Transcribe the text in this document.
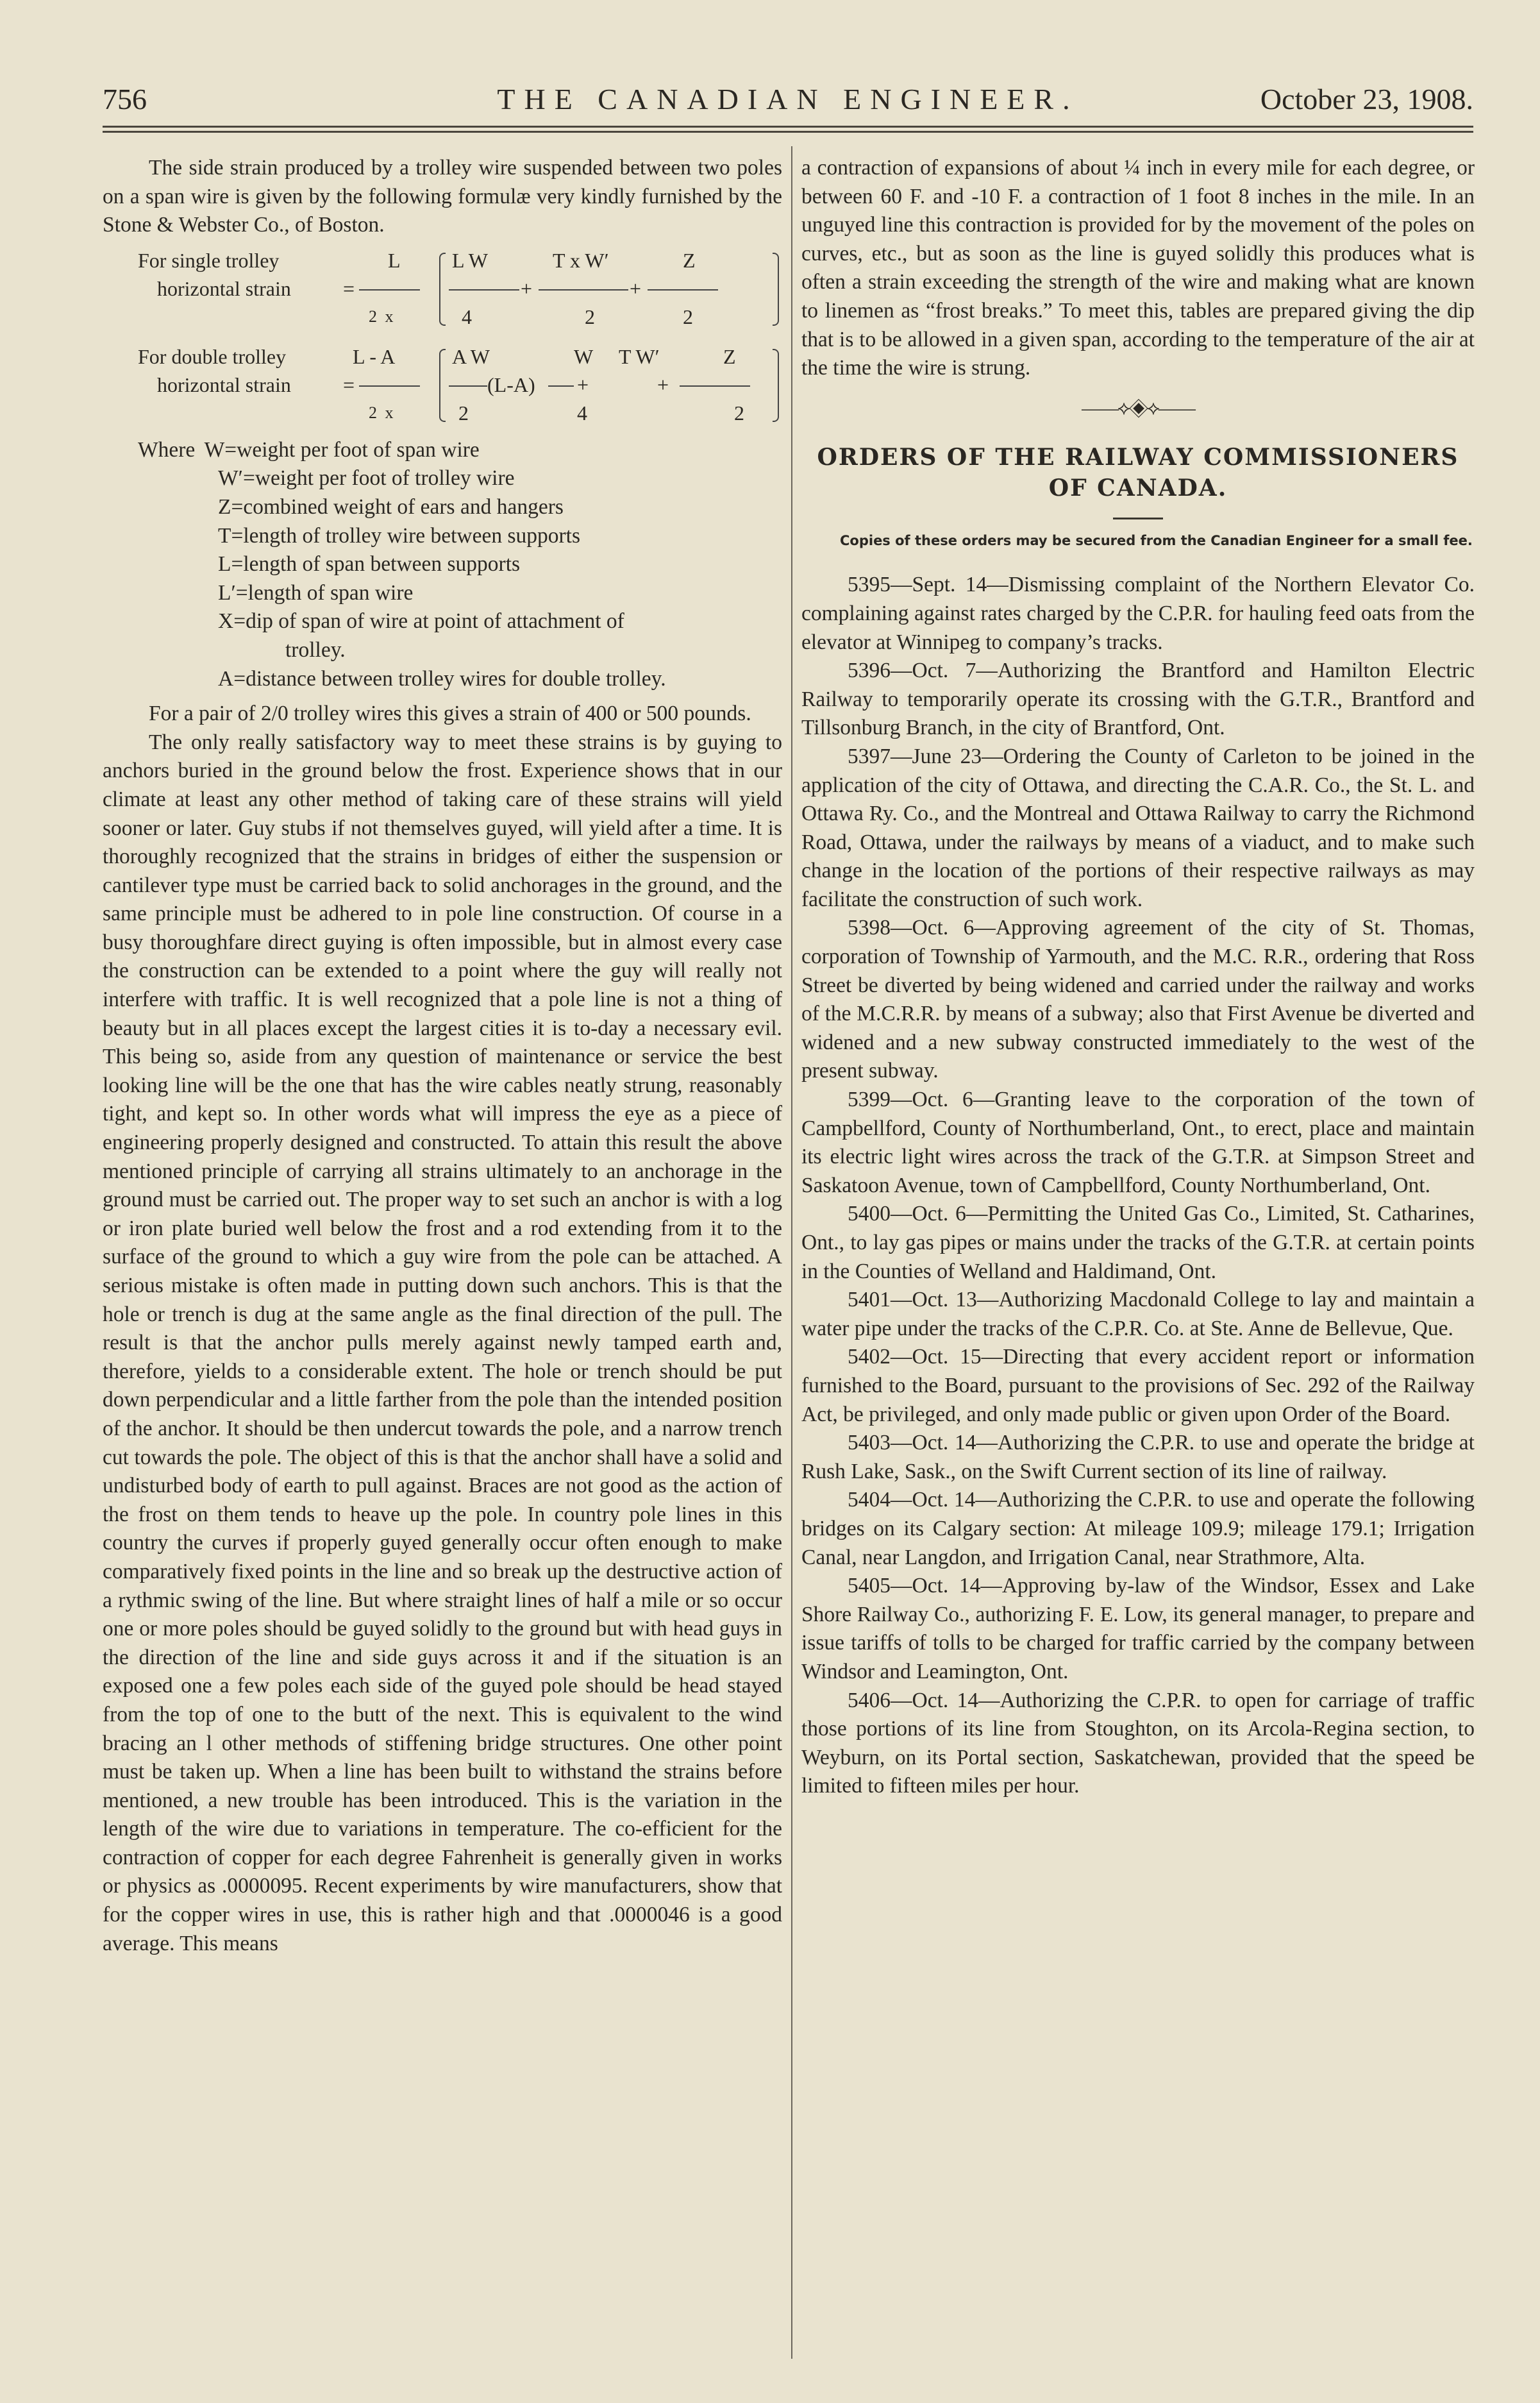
756	THE CANADIAN ENGINEER.	October 23, 1908.

The side strain produced by a trolley wire suspended between two poles on a span wire is given by the following formulæ very kindly furnished by the Stone & Webster Co., of Boston.

For single trolley
horizontal strain	=
L
2 x
L W
4
+
T x W′
2
+
Z
2
For double trolley
horizontal strain	=
L - A
2 x
A W
2
(L-A) +
W
4
T W′
+
Z
2
Where W=weight per foot of span wire
W′=weight per foot of trolley wire
Z=combined weight of ears and hangers
T=length of trolley wire between supports
L=length of span between supports
L′=length of span wire
X=dip of span of wire at point of attachment of
trolley.
A=distance between trolley wires for double trolley.

For a pair of 2/0 trolley wires this gives a strain of 400 or 500 pounds.

The only really satisfactory way to meet these strains is by guying to anchors buried in the ground below the frost. Experience shows that in our climate at least any other method of taking care of these strains will yield sooner or later. Guy stubs if not themselves guyed, will yield after a time. It is thoroughly recognized that the strains in bridges of either the suspension or cantilever type must be carried back to solid anchorages in the ground, and the same principle must be adhered to in pole line construction. Of course in a busy thoroughfare direct guying is often impossible, but in almost every case the construction can be extended to a point where the guy will really not interfere with traffic. It is well recognized that a pole line is not a thing of beauty but in all places except the largest cities it is to-day a necessary evil. This being so, aside from any question of maintenance or service the best looking line will be the one that has the wire cables neatly strung, reasonably tight, and kept so. In other words what will impress the eye as a piece of engineering properly designed and constructed. To attain this result the above mentioned principle of carrying all strains ultimately to an anchorage in the ground must be carried out. The proper way to set such an anchor is with a log or iron plate buried well below the frost and a rod extending from it to the surface of the ground to which a guy wire from the pole can be attached. A serious mistake is often made in putting down such anchors. This is that the hole or trench is dug at the same angle as the final direction of the pull. The result is that the anchor pulls merely against newly tamped earth and, therefore, yields to a considerable extent. The hole or trench should be put down perpendicular and a little farther from the pole than the intended position of the anchor. It should be then undercut towards the pole, and a narrow trench cut towards the pole. The object of this is that the anchor shall have a solid and undisturbed body of earth to pull against. Braces are not good as the action of the frost on them tends to heave up the pole. In country pole lines in this country the curves if properly guyed generally occur often enough to make comparatively fixed points in the line and so break up the destructive action of a rythmic swing of the line. But where straight lines of half a mile or so occur one or more poles should be guyed solidly to the ground but with head guys in the direction of the line and side guys across it and if the situation is an exposed one a few poles each side of the guyed pole should be head stayed from the top of one to the butt of the next. This is equivalent to the wind bracing an l other methods of stiffening bridge structures. One other point must be taken up. When a line has been built to withstand the strains before mentioned, a new trouble has been introduced. This is the variation in the length of the wire due to variations in temperature. The co-efficient for the contraction of copper for each degree Fahrenheit is generally given in works or physics as .0000095. Recent experiments by wire manufacturers, show that for the copper wires in use, this is rather high and that .0000046 is a good average. This means

a contraction of expansions of about ¼ inch in every mile for each degree, or between 60 F. and -10 F. a contraction of 1 foot 8 inches in the mile. In an unguyed line this contraction is provided for by the movement of the poles on curves, etc., but as soon as the line is guyed solidly this produces what is often a strain exceeding the strength of the wire and making what are known to linemen as “frost breaks.” To meet this, tables are prepared giving the dip that is to be allowed in a given span, according to the temperature of the air at the time the wire is strung.

——⟡◈⟡——
ORDERS OF THE RAILWAY COMMISSIONERS OF CANADA.
Copies of these orders may be secured from the Canadian Engineer for a small fee.

5395—Sept. 14—Dismissing complaint of the Northern Elevator Co. complaining against rates charged by the C.P.R. for hauling feed oats from the elevator at Winnipeg to company’s tracks.

5396—Oct. 7—Authorizing the Brantford and Hamilton Electric Railway to temporarily operate its crossing with the G.T.R., Brantford and Tillsonburg Branch, in the city of Brantford, Ont.

5397—June 23—Ordering the County of Carleton to be joined in the application of the city of Ottawa, and directing the C.A.R. Co., the St. L. and Ottawa Ry. Co., and the Montreal and Ottawa Railway to carry the Richmond Road, Ottawa, under the railways by means of a viaduct, and to make such change in the location of the portions of their respective railways as may facilitate the construction of such work.

5398—Oct. 6—Approving agreement of the city of St. Thomas, corporation of Township of Yarmouth, and the M.C. R.R., ordering that Ross Street be diverted by being widened and carried under the railway and works of the M.C.R.R. by means of a subway; also that First Avenue be diverted and widened and a new subway constructed immediately to the west of the present subway.

5399—Oct. 6—Granting leave to the corporation of the town of Campbellford, County of Northumberland, Ont., to erect, place and maintain its electric light wires across the track of the G.T.R. at Simpson Street and Saskatoon Avenue, town of Campbellford, County Northumberland, Ont.

5400—Oct. 6—Permitting the United Gas Co., Limited, St. Catharines, Ont., to lay gas pipes or mains under the tracks of the G.T.R. at certain points in the Counties of Welland and Haldimand, Ont.

5401—Oct. 13—Authorizing Macdonald College to lay and maintain a water pipe under the tracks of the C.P.R. Co. at Ste. Anne de Bellevue, Que.

5402—Oct. 15—Directing that every accident report or information furnished to the Board, pursuant to the provisions of Sec. 292 of the Railway Act, be privileged, and only made public or given upon Order of the Board.

5403—Oct. 14—Authorizing the C.P.R. to use and operate the bridge at Rush Lake, Sask., on the Swift Current section of its line of railway.

5404—Oct. 14—Authorizing the C.P.R. to use and operate the following bridges on its Calgary section: At mileage 109.9; mileage 179.1; Irrigation Canal, near Langdon, and Irrigation Canal, near Strathmore, Alta.

5405—Oct. 14—Approving by-law of the Windsor, Essex and Lake Shore Railway Co., authorizing F. E. Low, its general manager, to prepare and issue tariffs of tolls to be charged for traffic carried by the company between Windsor and Leamington, Ont.

5406—Oct. 14—Authorizing the C.P.R. to open for carriage of traffic those portions of its line from Stoughton, on its Arcola-Regina section, to Weyburn, on its Portal section, Saskatchewan, provided that the speed be limited to fifteen miles per hour.
